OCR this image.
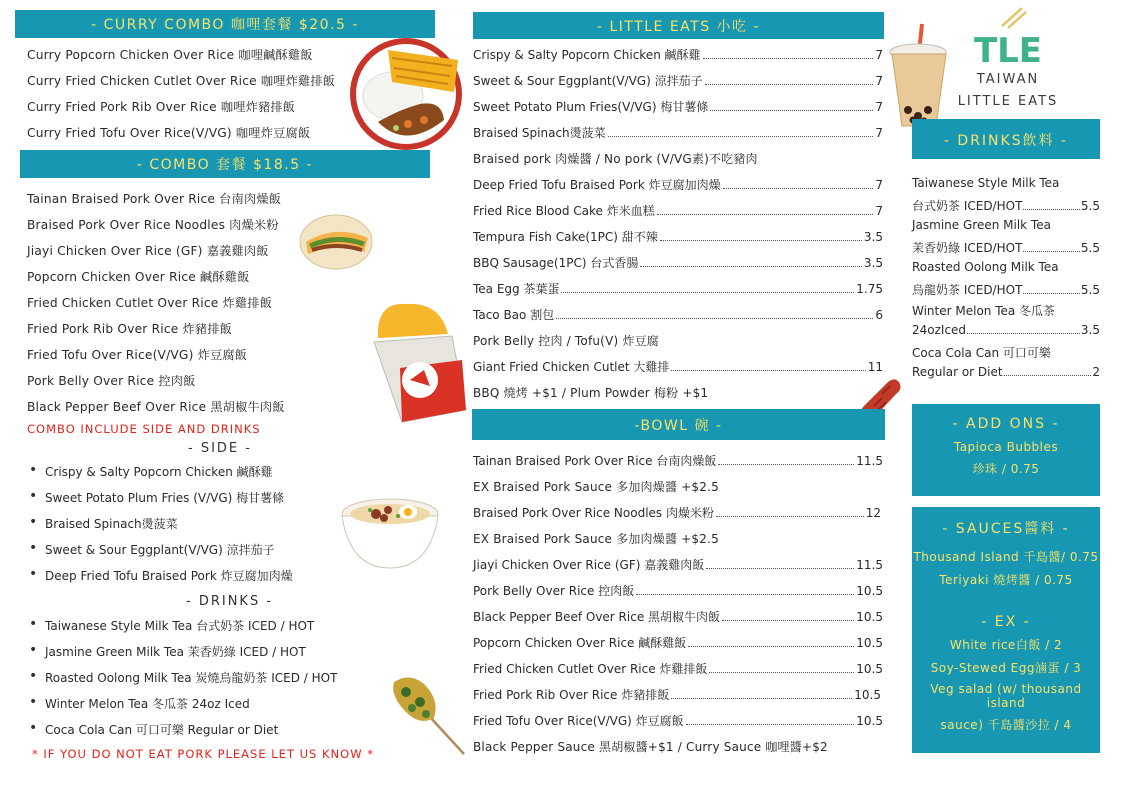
- CURRY COMBO 咖哩套餐 $20.5 -
Curry Popcorn Chicken Over Rice 咖哩鹹酥雞飯
Curry Fried Chicken Cutlet Over Rice 咖哩炸雞排飯
Curry Fried Pork Rib Over Rice 咖哩炸豬排飯
Curry Fried Tofu Over Rice(V/VG) 咖哩炸豆腐飯
- COMBO 套餐 $18.5 -
Tainan Braised Pork Over Rice 台南肉燥飯
Braised Pork Over Rice Noodles 肉燥米粉
Jiayi Chicken Over Rice (GF) 嘉義雞肉飯
Popcorn Chicken Over Rice 鹹酥雞飯
Fried Chicken Cutlet Over Rice 炸雞排飯
Fried Pork Rib Over Rice 炸豬排飯
Fried Tofu Over Rice(V/VG) 炸豆腐飯
Pork Belly Over Rice 控肉飯
Black Pepper Beef Over Rice 黑胡椒牛肉飯
COMBO INCLUDE SIDE AND DRINKS
- SIDE -
• Crispy & Salty Popcorn Chicken 鹹酥雞
• Sweet Potato Plum Fries (V/VG) 梅甘薯條
• Braised Spinach燙菠菜
• Sweet & Sour Eggplant(V/VG) 涼拌茄子
• Deep Fried Tofu Braised Pork 炸豆腐加肉燥
- DRINKS -
• Taiwanese Style Milk Tea 台式奶茶 ICED / HOT
• Jasmine Green Milk Tea 茉香奶綠 ICED / HOT
• Roasted Oolong Milk Tea 炭燒烏龍奶茶 ICED / HOT
• Winter Melon Tea 冬瓜茶 24oz Iced
• Coca Cola Can 可口可樂 Regular or Diet
* IF YOU DO NOT EAT PORK PLEASE LET US KNOW *
- LITTLE EATS 小吃 -
Crispy & Salty Popcorn Chicken 鹹酥雞	7
Sweet & Sour Eggplant(V/VG) 涼拌茄子	7
Sweet Potato Plum Fries(V/VG) 梅甘薯條	7
Braised Spinach燙菠菜	7
Braised pork 肉燥醬 / No pork (V/VG素)不吃豬肉
Deep Fried Tofu Braised Pork 炸豆腐加肉燥	7
Fried Rice Blood Cake 炸米血糕	7
Tempura Fish Cake(1PC) 甜不辣	3.5
BBQ Sausage(1PC) 台式香腸	3.5
Tea Egg 茶葉蛋	1.75
Taco Bao 割包	6
Pork Belly 控肉 / Tofu(V) 炸豆腐
Giant Fried Chicken Cutlet 大雞排	11
BBQ 燒烤 +$1 / Plum Powder 梅粉 +$1
-BOWL 碗 -
Tainan Braised Pork Over Rice 台南肉燥飯	11.5
EX Braised Pork Sauce 多加肉燥醬 +$2.5
Braised Pork Over Rice Noodles 肉燥米粉	12
EX Braised Pork Sauce 多加肉燥醬 +$2.5
Jiayi Chicken Over Rice (GF) 嘉義雞肉飯	11.5
Pork Belly Over Rice 控肉飯	10.5
Black Pepper Beef Over Rice 黑胡椒牛肉飯	10.5
Popcorn Chicken Over Rice 鹹酥雞飯	10.5
Fried Chicken Cutlet Over Rice 炸雞排飯	10.5
Fried Pork Rib Over Rice 炸豬排飯	10.5
Fried Tofu Over Rice(V/VG) 炸豆腐飯	10.5
Black Pepper Sauce 黑胡椒醬+$1 / Curry Sauce 咖哩醬+$2
TLE
TAIWAN
LITTLE EATS
- DRINKS飲料 -
Taiwanese Style Milk Tea
台式奶茶 ICED/HOT	5.5
Jasmine Green Milk Tea
茉香奶綠 ICED/HOT	5.5
Roasted Oolong Milk Tea
烏龍奶茶 ICED/HOT	5.5
Winter Melon Tea 冬瓜茶
24ozIced	3.5
Coca Cola Can 可口可樂
Regular or Diet	2
- ADD ONS -
Tapioca Bubbles
珍珠 / 0.75
- SAUCES醬料 -
Thousand Island 千島醬/ 0.75
Teriyaki 燒烤醬 / 0.75
- EX -
White rice白飯 / 2
Soy-Stewed Egg滷蛋 / 3
Veg salad (w/ thousand island
sauce) 千島醬沙拉 / 4
